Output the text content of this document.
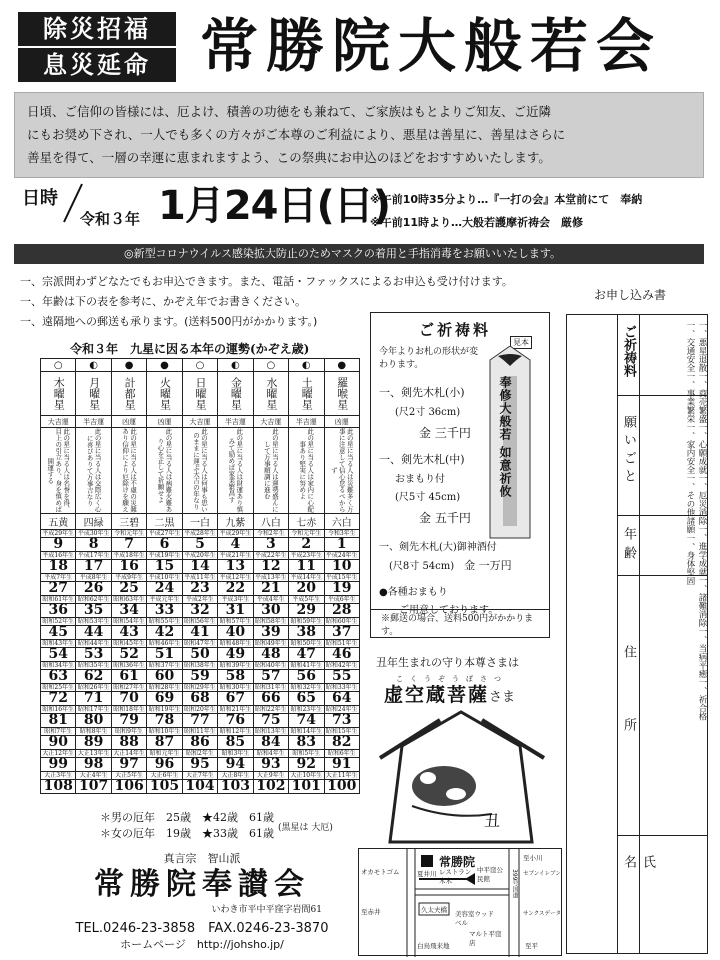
除災招福
息災延命 常勝院大般若会

日頃、ご信仰の皆様には、厄よけ、積善の功徳をも兼ねて、ご家族はもとよりご知友、ご近隣

にもお奨め下され、一人でも多くの方々がご本尊のご利益により、悪星は善星に、善星はさらに

善星を得て、一層の幸運に恵まれますよう、この祭典にお申込のほどをおすすめいたします。

日時
令和３年 1月24日(日)
※午前10時35分より…『一打の会』本堂前にて　奉納
※午前11時より…大般若護摩祈祷会　厳修
◎新型コロナウイルス感染拡大防止のためマスクの着用と手指消毒をお願いいたします。
一、宗派問わずどなたでもお申込できます。また、電話・ファックスによるお申込も受け付けます。
一、年齢は下の表を参考に、かぞえ年でお書きください。
一、遠隔地への郵送も承ります。(送料500円がかかります。)
令和３年　九星に因る本年の運勢(かぞえ歳)
○	◐	●	●	○	◐	○	◐	●
木曜星	月曜星	計都星	火曜星	日曜星	金曜星	水曜星	土曜星	羅喉星
大吉運	半吉運	凶運	凶運	大吉運	半吉運	大吉運	半吉運	凶運
此の星に当る人は名誉を得、目上の引立あり、身を慎めば開運する	此の星に当る人は交際広く心に喜びありて万事吉なり	此の星に当る人は不慮の災難あり信仰により厄除けを願え	此の星に当る人は病難火難あり心を正して祈願せよ	此の星に当る人は何事も思いのままに運ぶ大吉の年なり	此の星に当る人は財運あり慎みて励めば家業繁昌す	此の星に当る人は運勢盛んにして万事順調に進む	此の星に当る人は家内に心配事あり堅実に努めよ	此の星に当る人は災難多く万事に注意して信心怠るべからず
五黄	四緑	三碧	二黒	一白	九紫	八白	七赤	六白
平成29年生	平成30年生	令和元年生	平成27年生	平成28年生	平成29年生	令和2年生	令和元年生	令和3年生
9	8	7	6	5	4	3	2	1
平成16年生	平成17年生	平成18年生	平成19年生	平成20年生	平成21年生	平成22年生	平成23年生	平成24年生
18	17	16	15	14	13	12	11	10
平成7年生	平成8年生	平成9年生	平成10年生	平成11年生	平成12年生	平成13年生	平成14年生	平成15年生
27	26	25	24	23	22	21	20	19
昭和61年生	昭和62年生	昭和63年生	平成元年生	平成2年生	平成3年生	平成4年生	平成5年生	平成6年生
36	35	34	33	32	31	30	29	28
昭和52年生	昭和53年生	昭和54年生	昭和55年生	昭和56年生	昭和57年生	昭和58年生	昭和59年生	昭和60年生
45	44	43	42	41	40	39	38	37
昭和43年生	昭和44年生	昭和45年生	昭和46年生	昭和47年生	昭和48年生	昭和49年生	昭和50年生	昭和51年生
54	53	52	51	50	49	48	47	46
昭和34年生	昭和35年生	昭和36年生	昭和37年生	昭和38年生	昭和39年生	昭和40年生	昭和41年生	昭和42年生
63	62	61	60	59	58	57	56	55
昭和25年生	昭和26年生	昭和27年生	昭和28年生	昭和29年生	昭和30年生	昭和31年生	昭和32年生	昭和33年生
72	71	70	69	68	67	66	65	64
昭和16年生	昭和17年生	昭和18年生	昭和19年生	昭和20年生	昭和21年生	昭和22年生	昭和23年生	昭和24年生
81	80	79	78	77	76	75	74	73
昭和7年生	昭和8年生	昭和9年生	昭和10年生	昭和11年生	昭和12年生	昭和13年生	昭和14年生	昭和15年生
90	89	88	87	86	85	84	83	82
大正12年生	大正13年生	大正14年生	昭和元年生	昭和2年生	昭和3年生	昭和4年生	昭和5年生	昭和6年生
99	98	97	96	95	94	93	92	91
大正3年生	大正4年生	大正5年生	大正6年生	大正7年生	大正8年生	大正9年生	大正10年生	大正11年生
108	107	106	105	104	103	102	101	100
＊男の厄年　 25歳　★42歳　61歳
＊女の厄年　 19歳　★33歳　61歳 (黒星は 大厄)
ご祈祷料
今年よりお札の形状が変わります。
一、剣先木札(小)
(尺2寸 36cm)
金 三千円
一、剣先木札(中)
おまもり付
(尺5寸 45cm)
金 五千円
一、剣先木札(大)御神酒付
(尺8寸 54cm)　 金 一万円
●各種おまもり
ご用意しております。
※郵送の場合、送料500円がかかります。
見本
奉修大般若 如意祈攸
丑年生まれの守り本尊さまは
こくうぞうぼさつ
虚空蔵菩薩さま
丑
お申し込み書
ご祈祷料
願いごと
年齢
住所
氏名
一、悪星退散一、商売繁盛一、心願成就一、厄災消除一、進学成就一、諸難消除一、当病平癒一、祈合格一、交通安全一、事業繁栄一、家内安全一、その他諸願一、身体堅固
真言宗　智山派
常勝院奉讃会
いわき市平中平窪字岩間61
TEL.0246-23-3858　FAX.0246-23-3870
ホームページ　http://johsho.jp/
常勝院
オカモトゴム	夏井川 レストラン木木
中平窪公民館
至小川
セブンイレブン
至赤井	久太夫橋 美容室ウッドベル
至平
サンクスデータ
マルト平窪店
白鳥飛来地
399号国道
